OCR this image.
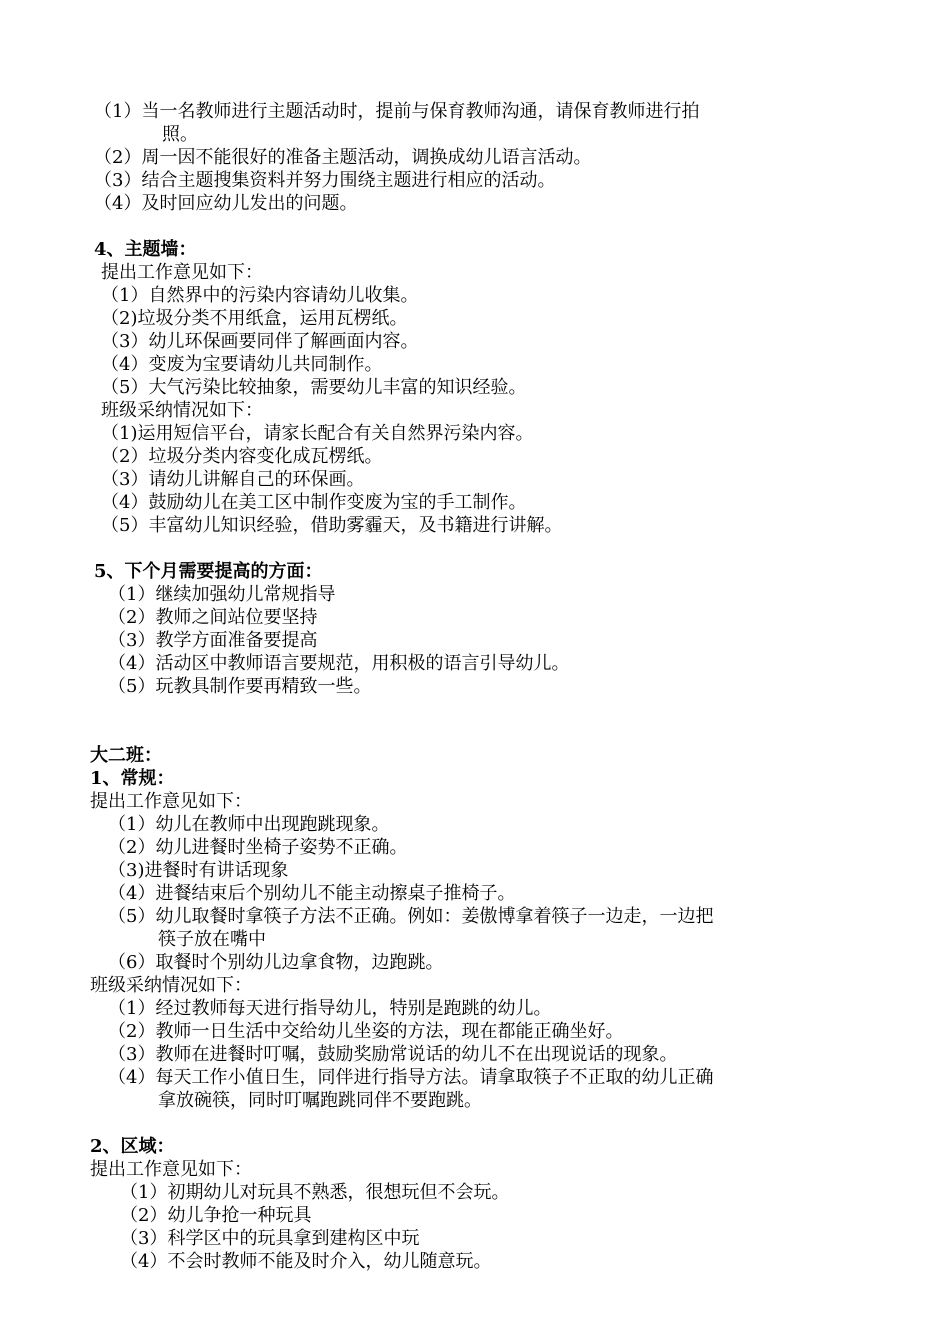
（1）当一名教师进行主题活动时，提前与保育教师沟通，请保育教师进行拍
照。
（2）周一因不能很好的准备主题活动，调换成幼儿语言活动。
（3）结合主题搜集资料并努力围绕主题进行相应的活动。
（4）及时回应幼儿发出的问题。
4、主题墙：
提出工作意见如下：
（1）自然界中的污染内容请幼儿收集。
（2)垃圾分类不用纸盒，运用瓦楞纸。
（3）幼儿环保画要同伴了解画面内容。
（4）变废为宝要请幼儿共同制作。
（5）大气污染比较抽象，需要幼儿丰富的知识经验。
班级采纳情况如下：
（1)运用短信平台，请家长配合有关自然界污染内容。
（2）垃圾分类内容变化成瓦楞纸。
（3）请幼儿讲解自己的环保画。
（4）鼓励幼儿在美工区中制作变废为宝的手工制作。
（5）丰富幼儿知识经验，借助雾霾天，及书籍进行讲解。
5、下个月需要提高的方面：
（1）继续加强幼儿常规指导
（2）教师之间站位要坚持
（3）教学方面准备要提高
（4）活动区中教师语言要规范，用积极的语言引导幼儿。
（5）玩教具制作要再精致一些。
大二班：
1、常规：
提出工作意见如下：
（1）幼儿在教师中出现跑跳现象。
（2）幼儿进餐时坐椅子姿势不正确。
（3)进餐时有讲话现象
（4）进餐结束后个别幼儿不能主动擦桌子推椅子。
（5）幼儿取餐时拿筷子方法不正确。例如：姜傲博拿着筷子一边走，一边把
筷子放在嘴中
（6）取餐时个别幼儿边拿食物，边跑跳。
班级采纳情况如下：
（1）经过教师每天进行指导幼儿，特别是跑跳的幼儿。
（2）教师一日生活中交给幼儿坐姿的方法，现在都能正确坐好。
（3）教师在进餐时叮嘱，鼓励奖励常说话的幼儿不在出现说话的现象。
（4）每天工作小值日生，同伴进行指导方法。请拿取筷子不正取的幼儿正确
拿放碗筷，同时叮嘱跑跳同伴不要跑跳。
2、区域：
提出工作意见如下：
（1）初期幼儿对玩具不熟悉，很想玩但不会玩。
（2）幼儿争抢一种玩具
（3）科学区中的玩具拿到建构区中玩
（4）不会时教师不能及时介入，幼儿随意玩。
